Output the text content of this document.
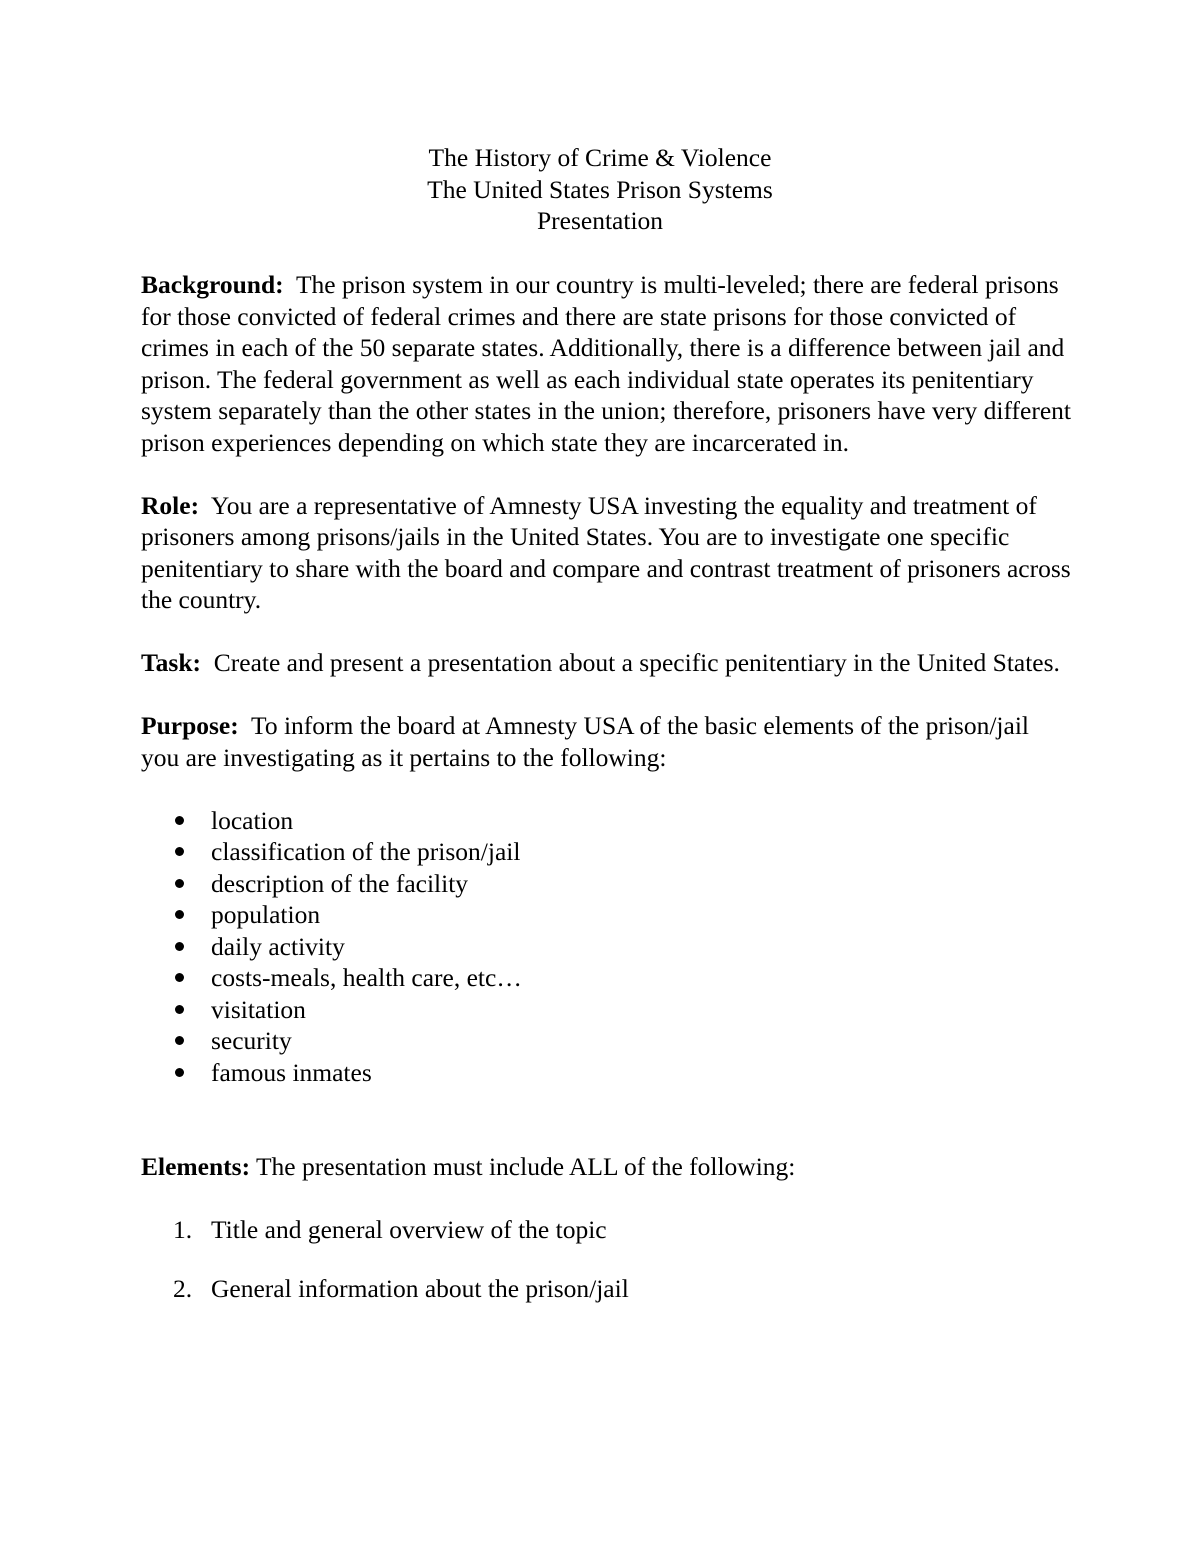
The History of Crime & Violence
The United States Prison Systems
Presentation

Background: The prison system in our country is multi-leveled; there are federal prisons for those convicted of federal crimes and there are state prisons for those convicted of crimes in each of the 50 separate states. Additionally, there is a difference between jail and prison. The federal government as well as each individual state operates its penitentiary system separately than the other states in the union; therefore, prisoners have very different prison experiences depending on which state they are incarcerated in.

Role: You are a representative of Amnesty USA investing the equality and treatment of prisoners among prisons/jails in the United States. You are to investigate one specific penitentiary to share with the board and compare and contrast treatment of prisoners across the country.

Task: Create and present a presentation about a specific penitentiary in the United States.

Purpose: To inform the board at Amnesty USA of the basic elements of the prison/jail you are investigating as it pertains to the following:

location
classification of the prison/jail
description of the facility
population
daily activity
costs-meals, health care, etc…
visitation
security
famous inmates

Elements: The presentation must include ALL of the following:

1. Title and general overview of the topic
2. General information about the prison/jail
